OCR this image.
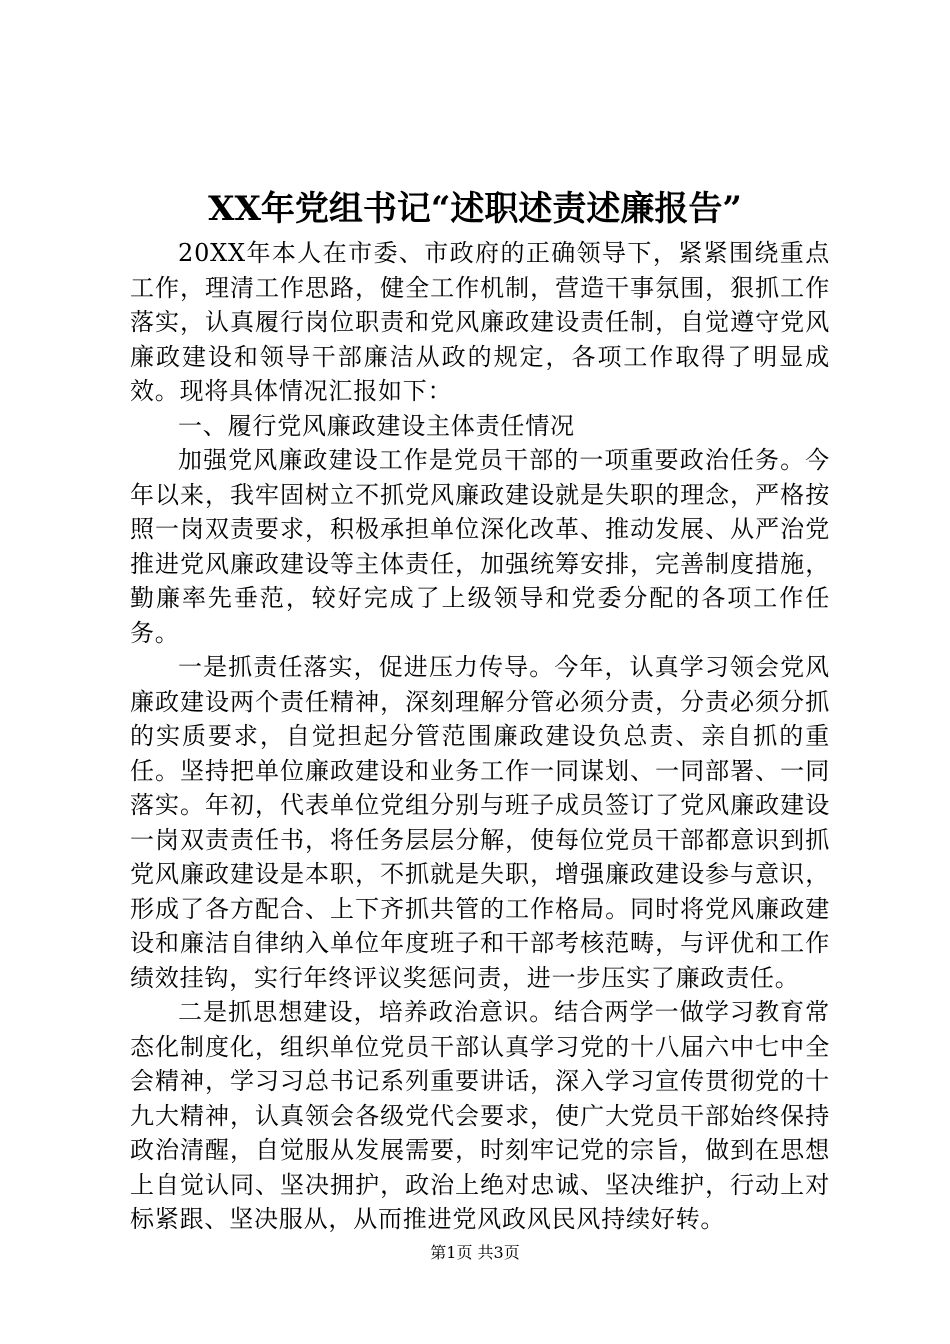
XX年党组书记“述职述责述廉报告”

20XX年本人在市委、市政府的正确领导下，紧紧围绕重点工作，理清工作思路，健全工作机制，营造干事氛围，狠抓工作落实，认真履行岗位职责和党风廉政建设责任制，自觉遵守党风廉政建设和领导干部廉洁从政的规定，各项工作取得了明显成效。现将具体情况汇报如下：

一、履行党风廉政建设主体责任情况

加强党风廉政建设工作是党员干部的一项重要政治任务。今年以来，我牢固树立不抓党风廉政建设就是失职的理念，严格按照一岗双责要求，积极承担单位深化改革、推动发展、从严治党推进党风廉政建设等主体责任，加强统筹安排，完善制度措施，勤廉率先垂范，较好完成了上级领导和党委分配的各项工作任务。

一是抓责任落实，促进压力传导。今年，认真学习领会党风廉政建设两个责任精神，深刻理解分管必须分责，分责必须分抓的实质要求，自觉担起分管范围廉政建设负总责、亲自抓的重任。坚持把单位廉政建设和业务工作一同谋划、一同部署、一同落实。年初，代表单位党组分别与班子成员签订了党风廉政建设一岗双责责任书，将任务层层分解，使每位党员干部都意识到抓党风廉政建设是本职，不抓就是失职，增强廉政建设参与意识，形成了各方配合、上下齐抓共管的工作格局。同时将党风廉政建设和廉洁自律纳入单位年度班子和干部考核范畴，与评优和工作绩效挂钩，实行年终评议奖惩问责，进一步压实了廉政责任。

二是抓思想建设，培养政治意识。结合两学一做学习教育常态化制度化，组织单位党员干部认真学习党的十八届六中七中全会精神，学习习总书记系列重要讲话，深入学习宣传贯彻党的十九大精神，认真领会各级党代会要求，使广大党员干部始终保持政治清醒，自觉服从发展需要，时刻牢记党的宗旨，做到在思想上自觉认同、坚决拥护，政治上绝对忠诚、坚决维护，行动上对标紧跟、坚决服从，从而推进党风政风民风持续好转。

第1页 共3页
